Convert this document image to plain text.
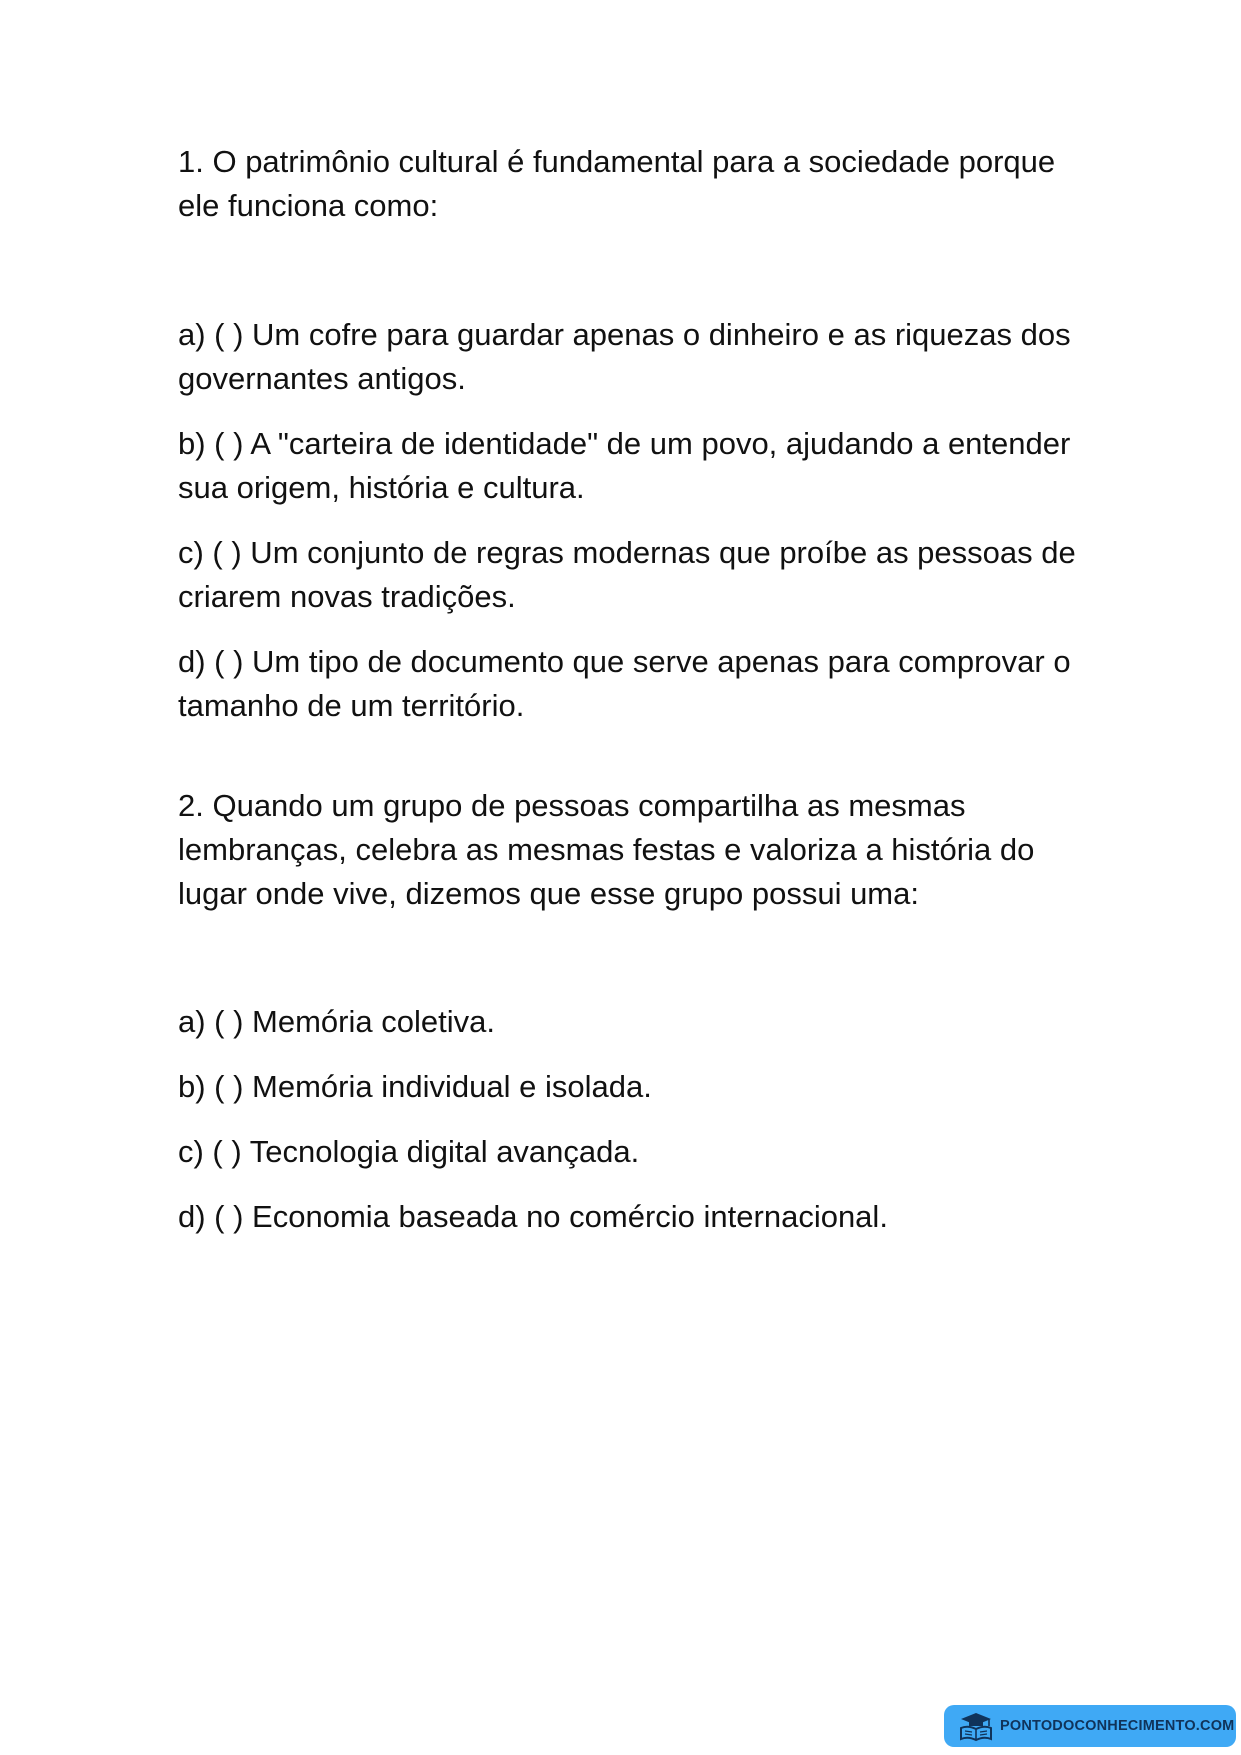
1. O patrimônio cultural é fundamental para a sociedade porque ele funciona como:

a) ( ) Um cofre para guardar apenas o dinheiro e as riquezas dos governantes antigos.
b) ( ) A "carteira de identidade" de um povo, ajudando a entender sua origem, história e cultura.
c) ( ) Um conjunto de regras modernas que proíbe as pessoas de criarem novas tradições.
d) ( ) Um tipo de documento que serve apenas para comprovar o tamanho de um território.

2. Quando um grupo de pessoas compartilha as mesmas lembranças, celebra as mesmas festas e valoriza a história do lugar onde vive, dizemos que esse grupo possui uma:

a) ( ) Memória coletiva.
b) ( ) Memória individual e isolada.
c) ( ) Tecnologia digital avançada.
d) ( ) Economia baseada no comércio internacional.
PONTODOCONHECIMENTO.COM
